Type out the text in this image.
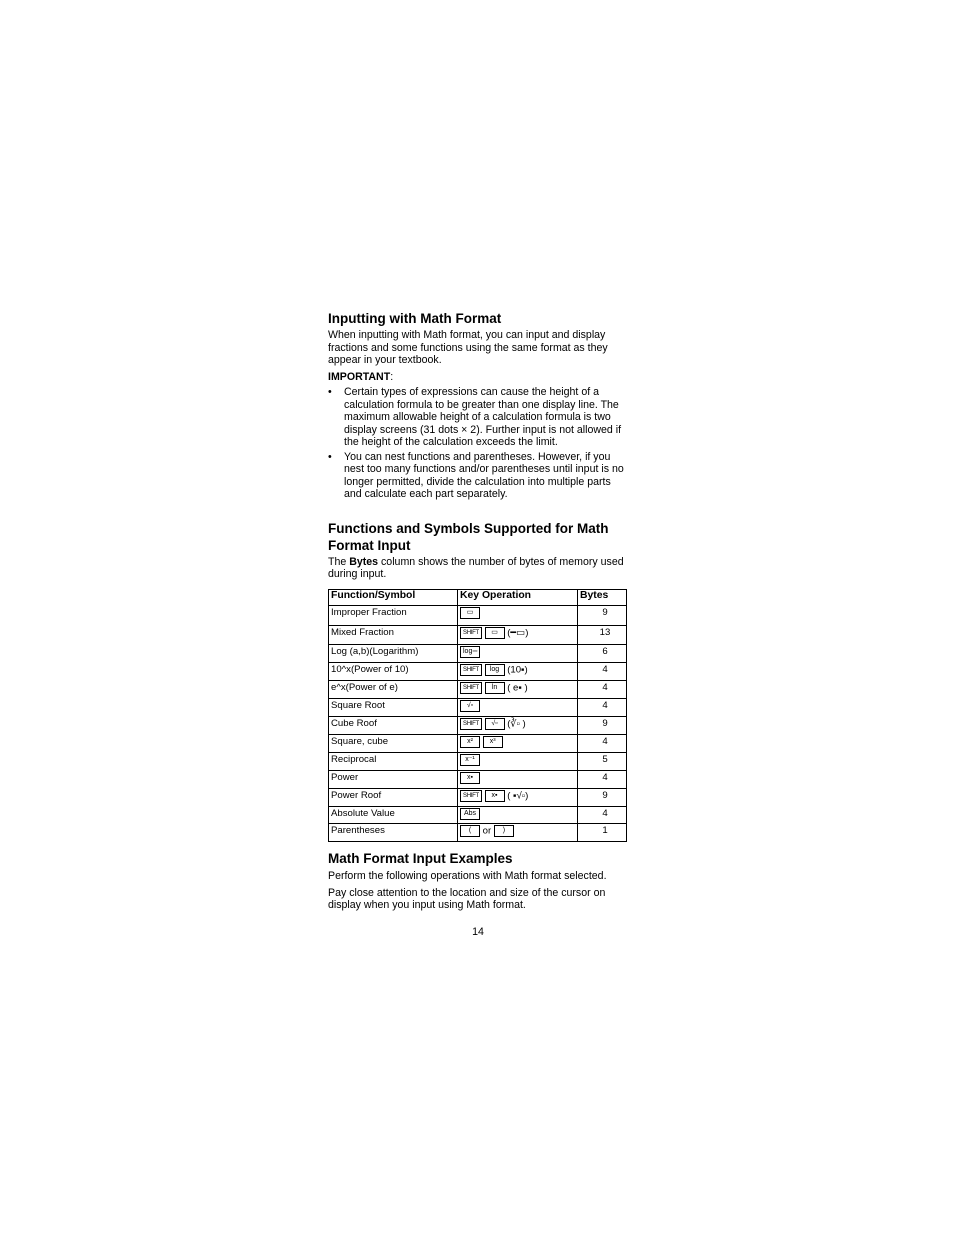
Inputting with Math Format

When inputting with Math format, you can input and display fractions and some functions using the same format as they appear in your textbook.

IMPORTANT:
• Certain types of expressions can cause the height of a calculation formula to be greater than one display line. The maximum allowable height of a calculation formula is two display screens (31 dots × 2). Further input is not allowed if the height of the calculation exceeds the limit.
• You can nest functions and parentheses. However, if you nest too many functions and/or parentheses until input is no longer permitted, divide the calculation into multiple parts and calculate each part separately.
Functions and Symbols Supported for Math Format Input

The Bytes column shows the number of bytes of memory used during input.

Function/Symbol	Key Operation	Bytes
Improper Fraction	▭	9
Mixed Fraction	SHIFT ▭ (━▭)	13
Log (a,b)(Logarithm)	log▫▫	6
10^x(Power of 10)	SHIFT log (10▪)	4
e^x(Power of e)	SHIFT ln ( e▪ )	4
Square Root	√▫	4
Cube Roof	SHIFT √▫ (∛▫ )	9
Square, cube	x² x³	4
Reciprocal	x⁻¹	5
Power	x▪	4
Power Roof	SHIFT x▪ ( ▪√▫)	9
Absolute Value	Abs	4
Parentheses	( or )	1
Math Format Input Examples

Perform the following operations with Math format selected.

Pay close attention to the location and size of the cursor on display when you input using Math format.

14
